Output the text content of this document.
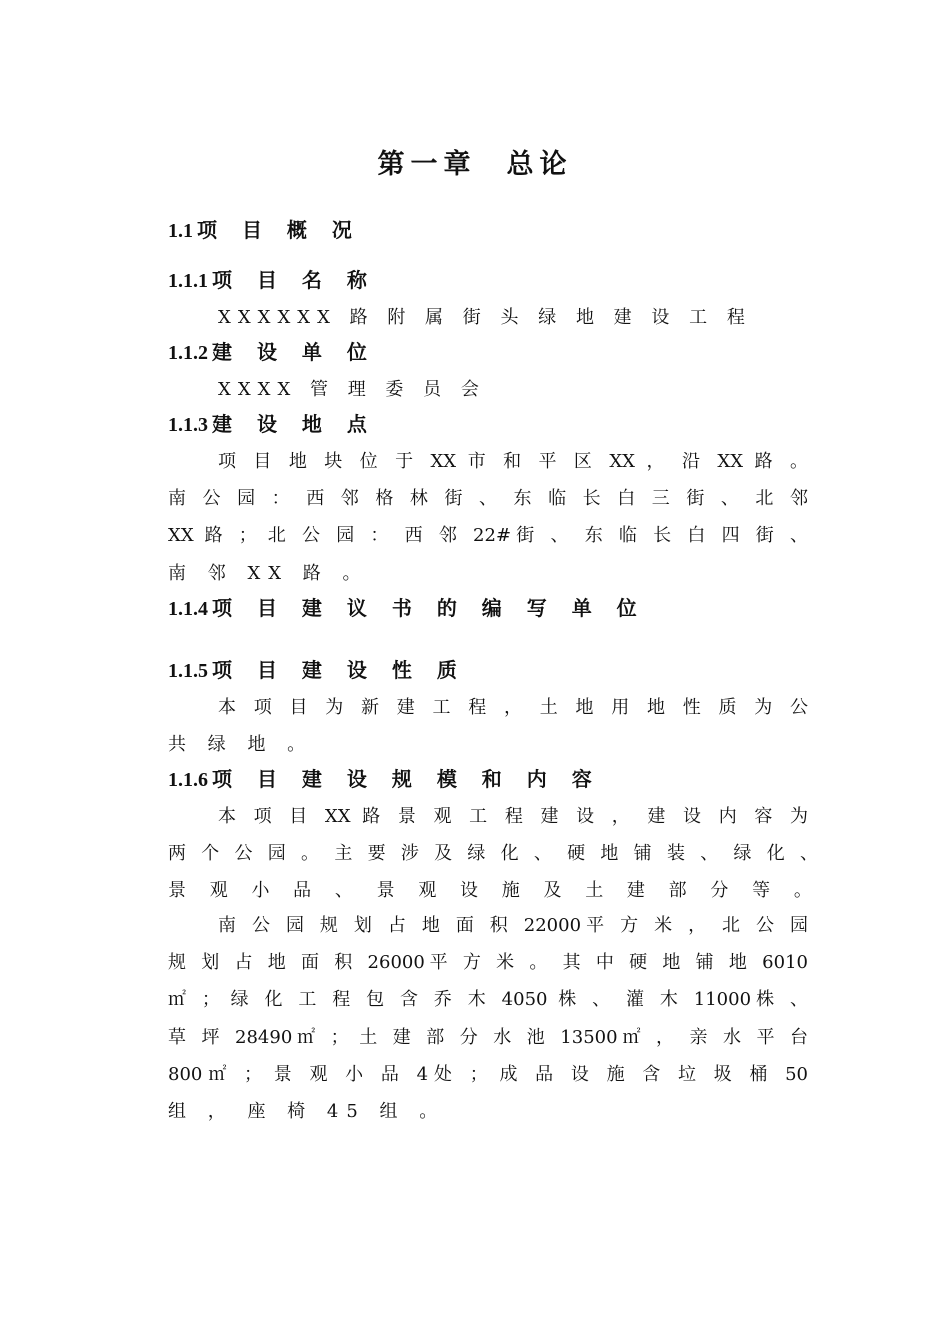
第一章 总论
1.1 项 目 概 况
1.1.1 项 目 名 称
XXXXXX 路 附 属 街 头 绿 地 建 设 工 程
1.1.2 建 设 单 位
XXXX 管 理 委 员 会
1.1.3 建 设 地 点
项 目 地 块 位 于 XX 市 和 平 区 XX ， 沿 XX 路 。
南 公 园 ： 西 邻 格 林 街 、 东 临 长 白 三 街 、 北 邻
XX 路 ； 北 公 园 ： 西 邻 22#街 、 东 临 长 白 四 街 、
南 邻 XX 路 。
1.1.4 项 目 建 议 书 的 编 写 单 位
1.1.5 项 目 建 设 性 质
本 项 目 为 新 建 工 程 ， 土 地 用 地 性 质 为 公
共 绿 地 。
1.1.6 项 目 建 设 规 模 和 内 容
本 项 目 XX 路 景 观 工 程 建 设 ， 建 设 内 容 为
两 个 公 园 。 主 要 涉 及 绿 化 、 硬 地 铺 装 、 绿 化 、
景 观 小 品 、 景 观 设 施 及 土 建 部 分 等 。
南 公 园 规 划 占 地 面 积 22000平 方 米 ， 北 公 园
规 划 占 地 面 积 26000平 方 米 。 其 中 硬 地 铺 地 6010
㎡ ； 绿 化 工 程 包 含 乔 木 4050 株 、 灌 木 11000株 、
草 坪 28490㎡ ； 土 建 部 分 水 池 13500㎡ ， 亲 水 平 台
800㎡ ； 景 观 小 品 4处 ； 成 品 设 施 含 垃 圾 桶 50
组 ， 座 椅 45 组 。
